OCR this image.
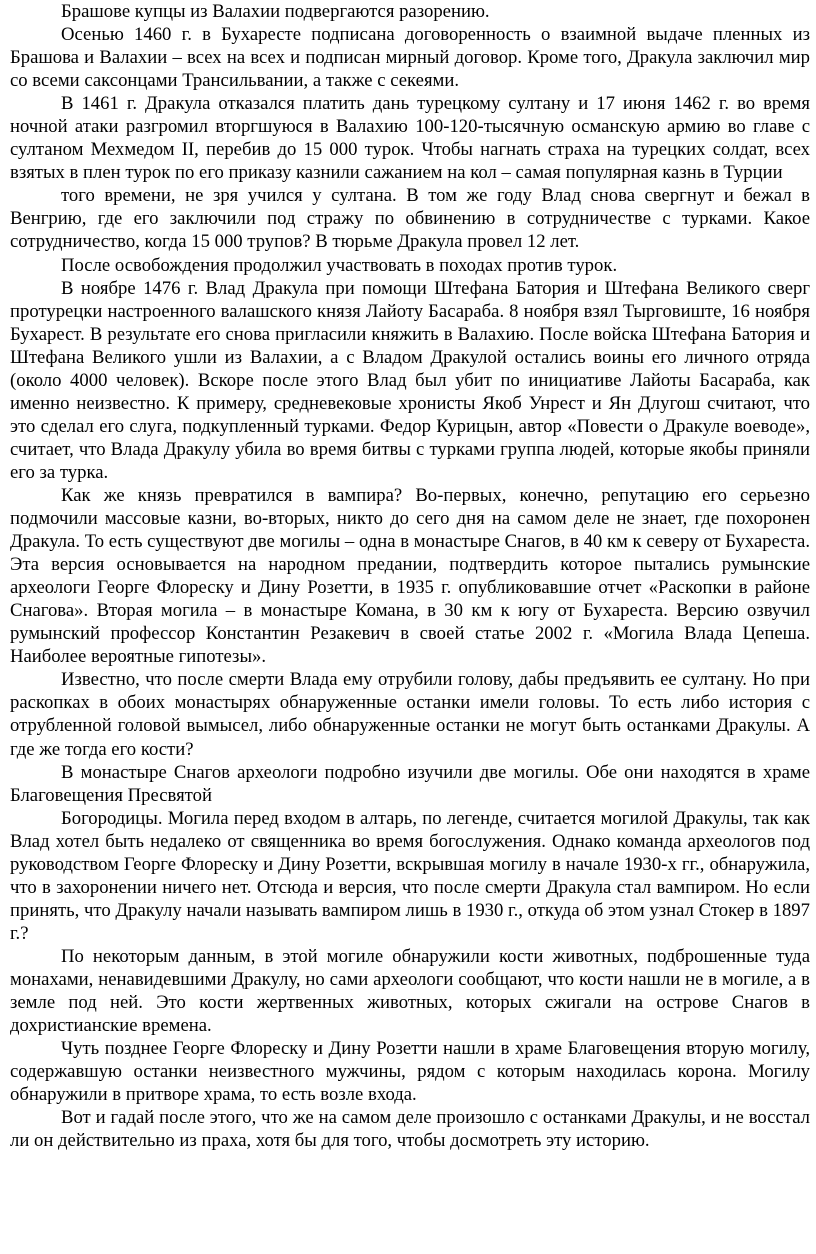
Брашове купцы из Валахии подвергаются разорению.

Осенью 1460 г. в Бухаресте подписана договоренность о взаимной выдаче пленных из Брашова и Валахии – всех на всех и подписан мирный договор. Кроме того, Дракула заключил мир со всеми саксонцами Трансильвании, а также с секеями.

В 1461 г. Дракула отказался платить дань турецкому султану и 17 июня 1462 г. во время ночной атаки разгромил вторгшуюся в Валахию 100-120-тысячную османскую армию во главе с султаном Мехмедом II, перебив до 15 000 турок. Чтобы нагнать страха на турецких солдат, всех взятых в плен турок по его приказу казнили сажанием на кол – самая популярная казнь в Турции

того времени, не зря учился у султана. В том же году Влад снова свергнут и бежал в Венгрию, где его заключили под стражу по обвинению в сотрудничестве с турками. Какое сотрудничество, когда 15 000 трупов? В тюрьме Дракула провел 12 лет.

После освобождения продолжил участвовать в походах против турок.

В ноябре 1476 г. Влад Дракула при помощи Штефана Батория и Штефана Великого сверг протурецки настроенного валашского князя Лайоту Басараба. 8 ноября взял Тырговиште, 16 ноября Бухарест. В результате его снова пригласили княжить в Валахию. После войска Штефана Батория и Штефана Великого ушли из Валахии, а с Владом Дракулой остались воины его личного отряда (около 4000 человек). Вскоре после этого Влад был убит по инициативе Лайоты Басараба, как именно неизвестно. К примеру, средневековые хронисты Якоб Унрест и Ян Длугош считают, что это сделал его слуга, подкупленный турками. Федор Курицын, автор «Повести о Дракуле воеводе», считает, что Влада Дракулу убила во время битвы с турками группа людей, которые якобы приняли его за турка.

Как же князь превратился в вампира? Во-первых, конечно, репутацию его серьезно подмочили массовые казни, во-вторых, никто до сего дня на самом деле не знает, где похоронен Дракула. То есть существуют две могилы – одна в монастыре Снагов, в 40 км к северу от Бухареста. Эта версия основывается на народном предании, подтвердить которое пытались румынские археологи Георге Флореску и Дину Розетти, в 1935 г. опубликовавшие отчет «Раскопки в районе Снагова». Вторая могила – в монастыре Комана, в 30 км к югу от Бухареста. Версию озвучил румынский профессор Константин Резакевич в своей статье 2002 г. «Могила Влада Цепеша. Наиболее вероятные гипотезы».

Известно, что после смерти Влада ему отрубили голову, дабы предъявить ее султану. Но при раскопках в обоих монастырях обнаруженные останки имели головы. То есть либо история с отрубленной головой вымысел, либо обнаруженные останки не могут быть останками Дракулы. А где же тогда его кости?

В монастыре Снагов археологи подробно изучили две могилы. Обе они находятся в храме Благовещения Пресвятой

Богородицы. Могила перед входом в алтарь, по легенде, считается могилой Дракулы, так как Влад хотел быть недалеко от священника во время богослужения. Однако команда археологов под руководством Георге Флореску и Дину Розетти, вскрывшая могилу в начале 1930-х гг., обнаружила, что в захоронении ничего нет. Отсюда и версия, что после смерти Дракула стал вампиром. Но если принять, что Дракулу начали называть вампиром лишь в 1930 г., откуда об этом узнал Стокер в 1897 г.?

По некоторым данным, в этой могиле обнаружили кости животных, подброшенные туда монахами, ненавидевшими Дракулу, но сами археологи сообщают, что кости нашли не в могиле, а в земле под ней. Это кости жертвенных животных, которых сжигали на острове Снагов в дохристианские времена.

Чуть позднее Георге Флореску и Дину Розетти нашли в храме Благовещения вторую могилу, содержавшую останки неизвестного мужчины, рядом с которым находилась корона. Могилу обнаружили в притворе храма, то есть возле входа.

Вот и гадай после этого, что же на самом деле произошло с останками Дракулы, и не восстал ли он действительно из праха, хотя бы для того, чтобы досмотреть эту историю.
